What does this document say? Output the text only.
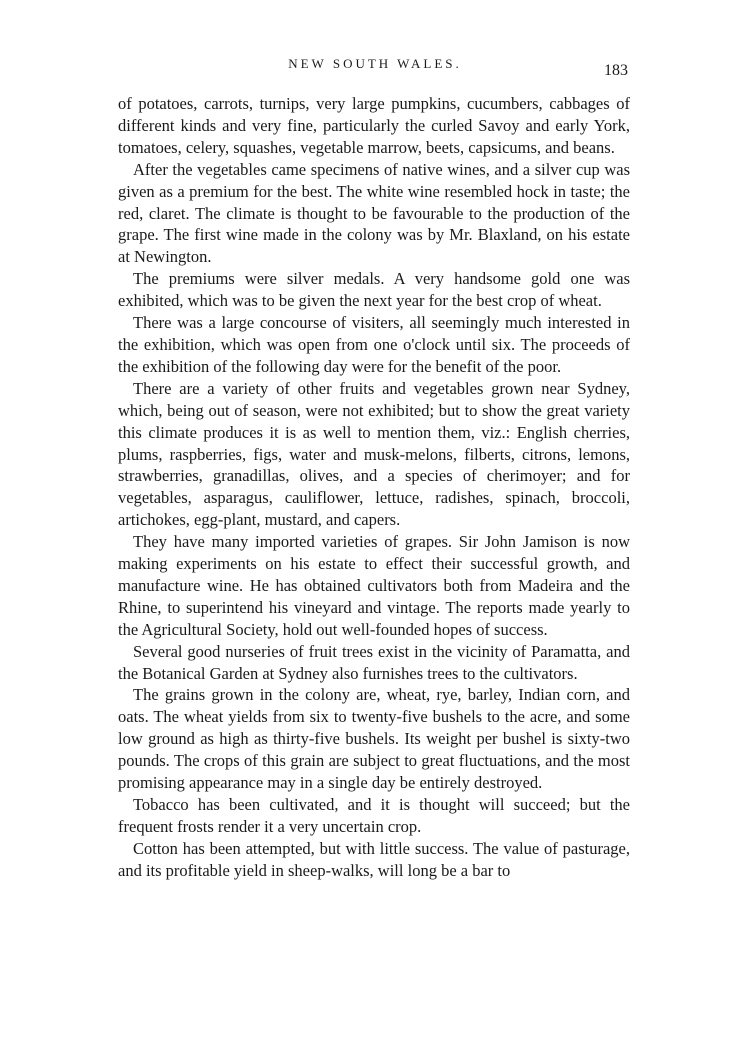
NEW SOUTH WALES.	183

of potatoes, carrots, turnips, very large pumpkins, cucumbers, cabbages of different kinds and very fine, particularly the curled Savoy and early York, tomatoes, celery, squashes, vegetable marrow, beets, capsicums, and beans.

After the vegetables came specimens of native wines, and a silver cup was given as a premium for the best. The white wine resembled hock in taste; the red, claret. The climate is thought to be favourable to the production of the grape. The first wine made in the colony was by Mr. Blaxland, on his estate at Newington.

The premiums were silver medals. A very handsome gold one was exhibited, which was to be given the next year for the best crop of wheat.

There was a large concourse of visiters, all seemingly much interested in the exhibition, which was open from one o'clock until six. The proceeds of the exhibition of the following day were for the benefit of the poor.

There are a variety of other fruits and vegetables grown near Sydney, which, being out of season, were not exhibited; but to show the great variety this climate produces it is as well to mention them, viz.: English cherries, plums, raspberries, figs, water and musk-melons, filberts, citrons, lemons, strawberries, granadillas, olives, and a species of cherimoyer; and for vegetables, asparagus, cauliflower, lettuce, radishes, spinach, broccoli, artichokes, egg-plant, mustard, and capers.

They have many imported varieties of grapes. Sir John Jamison is now making experiments on his estate to effect their successful growth, and manufacture wine. He has obtained cultivators both from Madeira and the Rhine, to superintend his vineyard and vintage. The reports made yearly to the Agricultural Society, hold out well-founded hopes of success.

Several good nurseries of fruit trees exist in the vicinity of Paramatta, and the Botanical Garden at Sydney also furnishes trees to the cultivators.

The grains grown in the colony are, wheat, rye, barley, Indian corn, and oats. The wheat yields from six to twenty-five bushels to the acre, and some low ground as high as thirty-five bushels. Its weight per bushel is sixty-two pounds. The crops of this grain are subject to great fluctuations, and the most promising appearance may in a single day be entirely destroyed.

Tobacco has been cultivated, and it is thought will succeed; but the frequent frosts render it a very uncertain crop.

Cotton has been attempted, but with little success. The value of pasturage, and its profitable yield in sheep-walks, will long be a bar to
